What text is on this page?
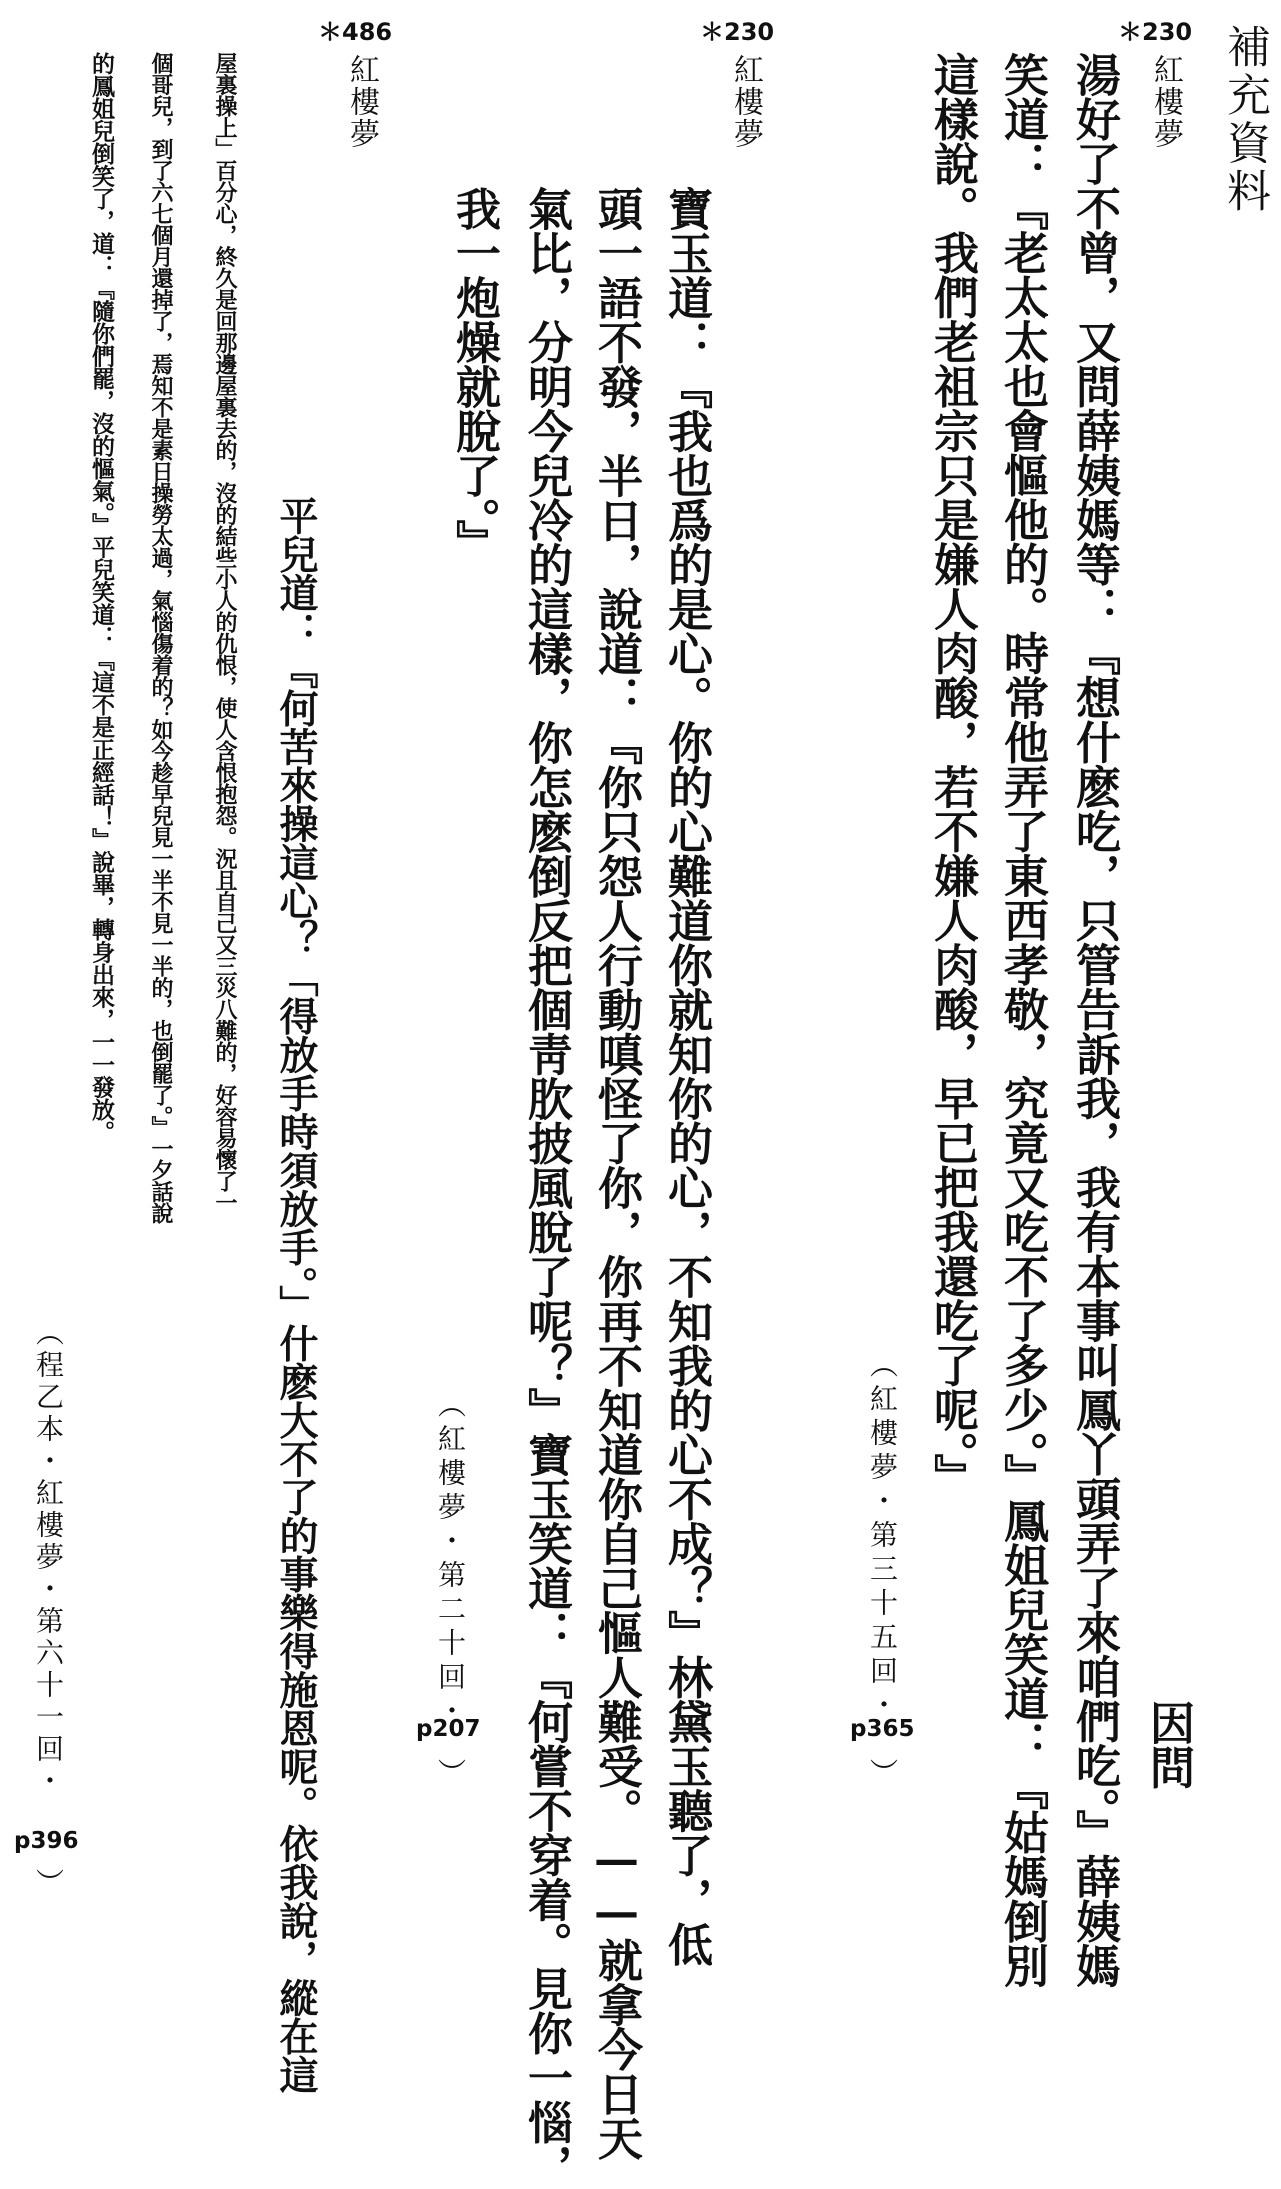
補充資料
＊230
紅樓夢
湯好了不曾，又問薛姨媽等：『想什麽吃，只管告訴我，我有本事叫鳳丫頭弄了來咱們吃。』薛姨媽
笑道：『老太太也會慪他的。時常他弄了東西孝敬，究竟又吃不了多少。』鳳姐兒笑道：『姑媽倒別
這樣說。我們老祖宗只是嫌人肉酸，若不嫌人肉酸，早已把我還吃了呢。』
因問
（紅樓夢・第三十五回・
p365
）
＊230
紅樓夢
寶玉道：『我也爲的是心。你的心難道你就知你的心，不知我的心不成？』林黛玉聽了，低
頭一語不發，半日，說道：『你只怨人行動嗔怪了你，你再不知道你自己慪人難受。——就拿今日天
氣比，分明今兒冷的這樣，你怎麽倒反把個靑肷披風脫了呢？』寶玉笑道：『何嘗不穿着。見你一惱，
我一炮燥就脫了。』
（紅樓夢・第二十回・
p207
）
＊486
紅樓夢
平兒道：『何苦來操這心？「得放手時須放手。」什麽大不了的事樂得施恩呢。依我說，縱在這
屋裏操上」百分心，終久是回那邊屋裏去的，沒的結些小人的仇恨，使人含恨抱怨。況且自己又三災八難的，好容易懷了一
個哥兒，到了六七個月還掉了，焉知不是素日操勞太過，氣惱傷着的？如今趁早兒見一半不見一半的，也倒罷了。』一夕話說
的鳳姐兒倒笑了，道：『隨你們罷，沒的慪氣。』平兒笑道：『這不是正經話！』說畢，轉身出來，一一發放。
（程乙本・紅樓夢・第六十一回・
p396
）
